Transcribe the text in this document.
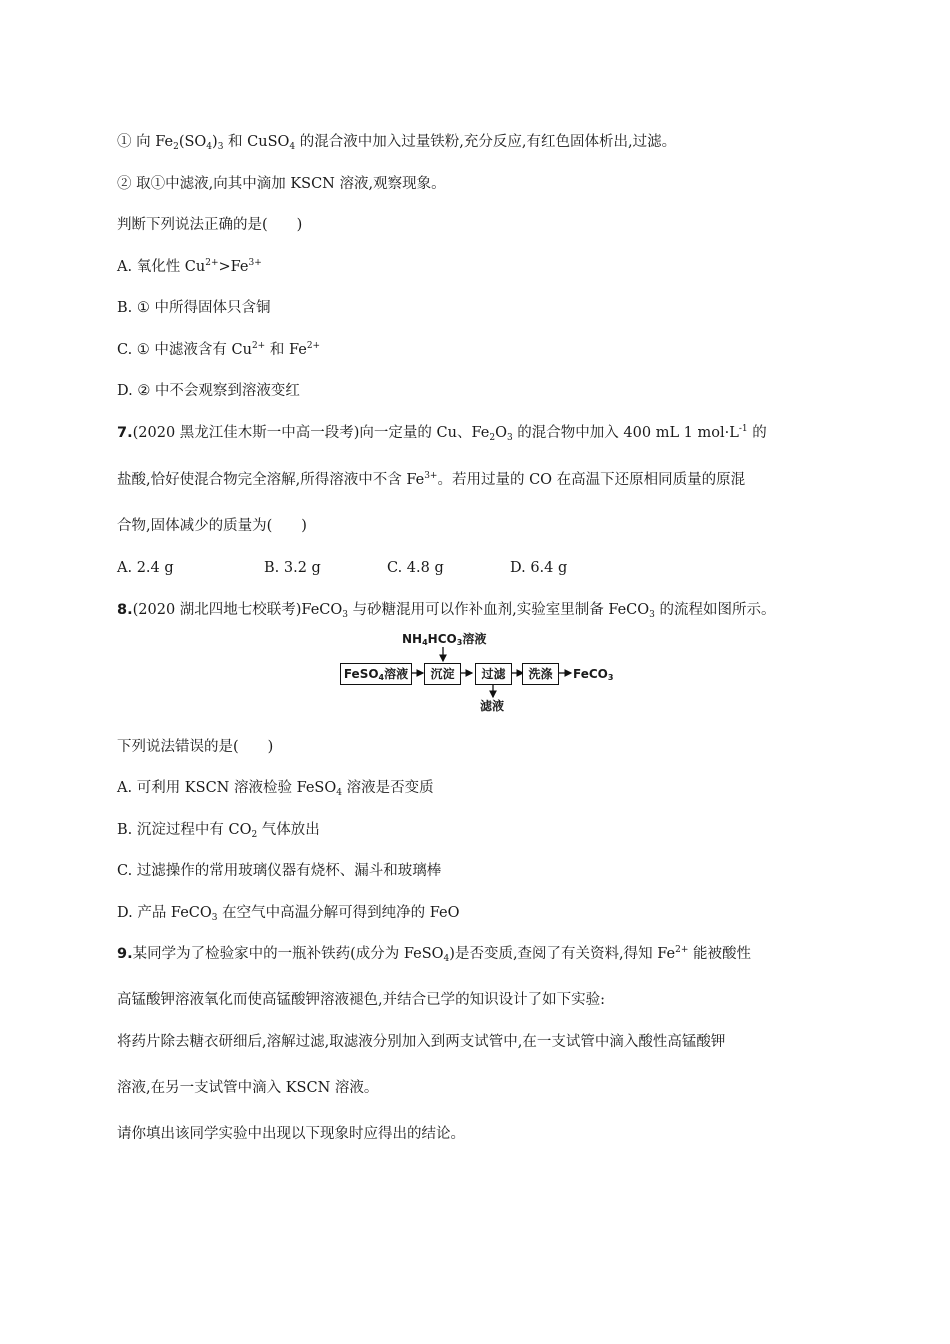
① 向 $Fe_2(SO_4)_3$ 和 CuSO$_4$ 的混合液中加入过量铁粉,充分反应,有红色固体析出,过滤。
② 取①中滤液,向其中滴加 KSCN 溶液,观察现象。
判断下列说法正确的是(　　)
A. 氧化性 $Cu^{2+}>Fe^{3+}$
B. ① 中所得固体只含铜
C. ① 中滤液含有 $Cu^{2+}$ 和 $Fe^{2+}$
D. ② 中不会观察到溶液变红
7.(2020 黑龙江佳木斯一中高一段考)向一定量的 Cu、$Fe_2O_3$ 的混合物中加入 400 mL 1 $mol\cdot L^{-1}$ 的
盐酸,恰好使混合物完全溶解,所得溶液中不含 $Fe^{3+}$。若用过量的 CO 在高温下还原相同质量的原混
合物,固体减少的质量为(　　)
A. 2.4 g	B. 3.2 g	C. 4.8 g	D. 6.4 g
8.(2020 湖北四地七校联考)FeCO$_3$ 与砂糖混用可以作补血剂,实验室里制备 FeCO$_3$ 的流程如图所示。
$NH_4HCO_3$溶液
FeSO$_4$溶液	沉淀	过滤	洗涤	FeCO$_3$
滤液
下列说法错误的是(　　)
A. 可利用 KSCN 溶液检验 FeSO$_4$ 溶液是否变质
B. 沉淀过程中有 $CO_2$ 气体放出
C. 过滤操作的常用玻璃仪器有烧杯、漏斗和玻璃棒
D. 产品 FeCO$_3$ 在空气中高温分解可得到纯净的 FeO
9.某同学为了检验家中的一瓶补铁药(成分为 FeSO$_4$)是否变质,查阅了有关资料,得知 $Fe^{2+}$ 能被酸性
高锰酸钾溶液氧化而使高锰酸钾溶液褪色,并结合已学的知识设计了如下实验:
将药片除去糖衣研细后,溶解过滤,取滤液分别加入到两支试管中,在一支试管中滴入酸性高锰酸钾
溶液,在另一支试管中滴入 KSCN 溶液。
请你填出该同学实验中出现以下现象时应得出的结论。
